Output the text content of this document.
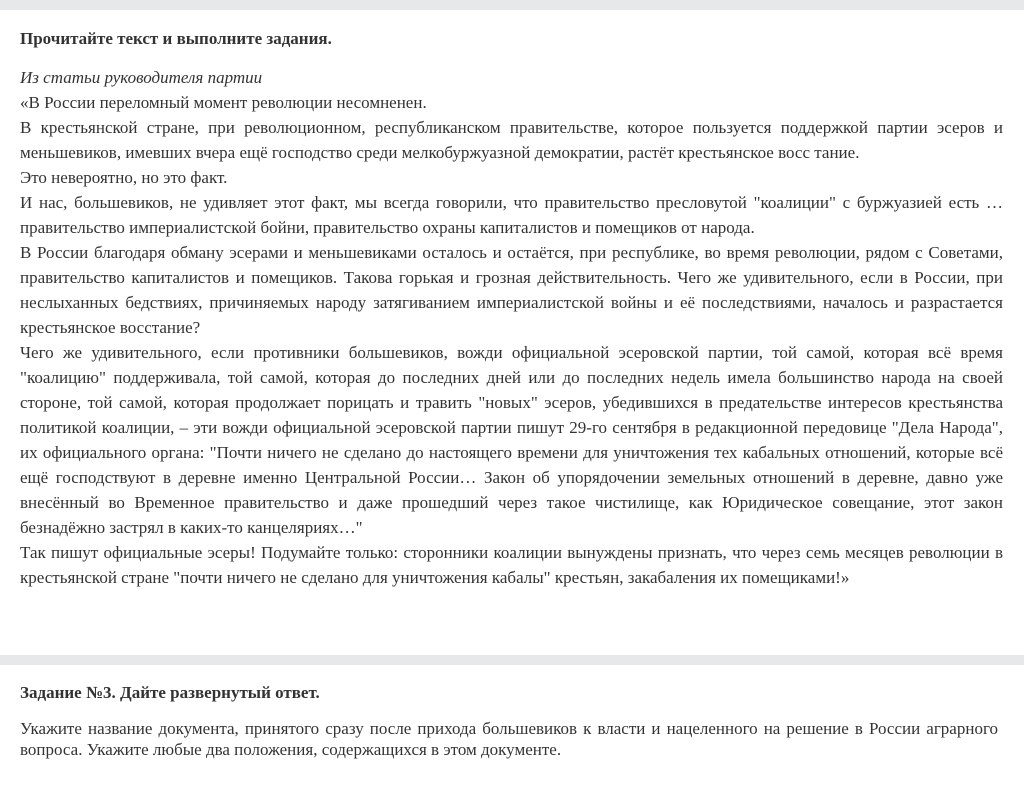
Прочитайте текст и выполните задания.

Из статьи руководителя партии

«В России переломный момент революции несомненен.

В крестьянской стране, при революционном, республиканском правительстве, которое пользуется поддержкой партии эсеров и меньшевиков, имевших вчера ещё господство среди мелкобуржуазной демократии, растёт крестьянское восс тание.

Это невероятно, но это факт.

И нас, большевиков, не удивляет этот факт, мы всегда говорили, что правительство пресловутой "коалиции" с буржуазией есть …правительство империалистской бойни, правительство охраны капиталистов и помещиков от народа.

В России благодаря обману эсерами и меньшевиками осталось и остаётся, при республике, во время революции, рядом с Советами, правительство капиталистов и помещиков. Такова горькая и грозная действительность. Чего же удивительного, если в России, при неслыханных бедствиях, причиняемых народу затягиванием империалистской войны и её последствиями, началось и разрастается крестьянское восстание?

Чего же удивительного, если противники большевиков, вожди официальной эсеровской партии, той самой, которая всё время "коалицию" поддерживала, той самой, которая до последних дней или до последних недель имела большинство народа на своей стороне, той самой, которая продолжает порицать и травить "новых" эсеров, убедившихся в предательстве интересов крестьянства политикой коалиции, – эти вожди официальной эсеровской партии пишут 29-го сентября в редакционной передовице "Дела Народа", их официального органа: "Почти ничего не сделано до настоящего времени для уничтожения тех кабальных отношений, которые всё ещё господствуют в деревне именно Центральной России… Закон об упорядочении земельных отношений в деревне, давно уже внесённый во Временное правительство и даже прошедший через такое чистилище, как Юридическое совещание, этот закон безнадёжно застрял в каких-то канцеляриях…"

Так пишут официальные эсеры! Подумайте только: сторонники коалиции вынуждены признать, что через семь месяцев революции в крестьянской стране "почти ничего не сделано для уничтожения кабалы" крестьян, закабаления их помещиками!»

Задание №3. Дайте развернутый ответ.

Укажите название документа, принятого сразу после прихода большевиков к власти и нацеленного на решение в России аграрного вопроса. Укажите любые два положения, содержащихся в этом документе.
